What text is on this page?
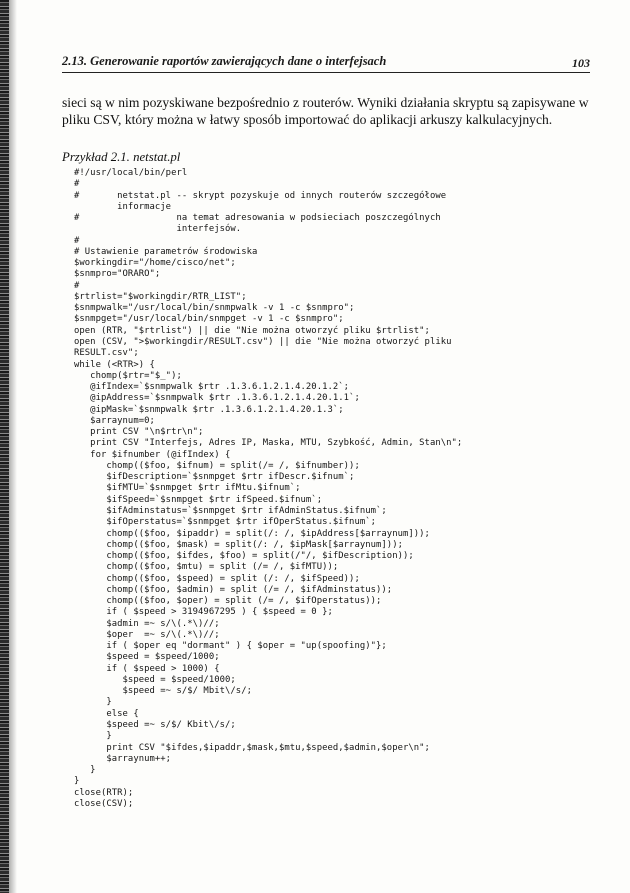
2.13. Generowanie raportów zawierających dane o interfejsach	103

sieci są w nim pozyskiwane bezpośrednio z routerów. Wyniki działania skryptu są zapisywane w pliku CSV, który można w łatwy sposób importować do aplikacji arkuszy kalkulacyjnych.

Przykład 2.1. netstat.pl

#!/usr/local/bin/perl
#
#       netstat.pl -- skrypt pozyskuje od innych routerów szczegółowe
informacje
#                  na temat adresowania w podsieciach poszczególnych
interfejsów.
#
# Ustawienie parametrów środowiska
$workingdir="/home/cisco/net";
$snmpro="ORARO";
#
$rtrlist="$workingdir/RTR_LIST";
$snmpwalk="/usr/local/bin/snmpwalk -v 1 -c $snmpro";
$snmpget="/usr/local/bin/snmpget -v 1 -c $snmpro";
open (RTR, "$rtrlist") || die "Nie można otworzyć pliku $rtrlist";
open (CSV, ">$workingdir/RESULT.csv") || die "Nie można otworzyć pliku
RESULT.csv";
while (<RTR>) {
chomp($rtr="$_");
@ifIndex=`$snmpwalk $rtr .1.3.6.1.2.1.4.20.1.2`;
@ipAddress=`$snmpwalk $rtr .1.3.6.1.2.1.4.20.1.1`;
@ipMask=`$snmpwalk $rtr .1.3.6.1.2.1.4.20.1.3`;
$arraynum=0;
print CSV "\n$rtr\n";
print CSV "Interfejs, Adres IP, Maska, MTU, Szybkość, Admin, Stan\n";
for $ifnumber (@ifIndex) {
chomp(($foo, $ifnum) = split(/= /, $ifnumber));
$ifDescription=`$snmpget $rtr ifDescr.$ifnum`;
$ifMTU=`$snmpget $rtr ifMtu.$ifnum`;
$ifSpeed=`$snmpget $rtr ifSpeed.$ifnum`;
$ifAdminstatus=`$snmpget $rtr ifAdminStatus.$ifnum`;
$ifOperstatus=`$snmpget $rtr ifOperStatus.$ifnum`;
chomp(($foo, $ipaddr) = split(/: /, $ipAddress[$arraynum]));
chomp(($foo, $mask) = split(/: /, $ipMask[$arraynum]));
chomp(($foo, $ifdes, $foo) = split(/"/, $ifDescription));
chomp(($foo, $mtu) = split (/= /, $ifMTU));
chomp(($foo, $speed) = split (/: /, $ifSpeed));
chomp(($foo, $admin) = split (/= /, $ifAdminstatus));
chomp(($foo, $oper) = split (/= /, $ifOperstatus));
if ( $speed > 3194967295 ) { $speed = 0 };
$admin =~ s/\(.*\)//;
$oper  =~ s/\(.*\)//;
if ( $oper eq "dormant" ) { $oper = "up(spoofing)"};
$speed = $speed/1000;
if ( $speed > 1000) {
$speed = $speed/1000;
$speed =~ s/$/ Mbit\/s/;
}
else {
$speed =~ s/$/ Kbit\/s/;
}
print CSV "$ifdes,$ipaddr,$mask,$mtu,$speed,$admin,$oper\n";
$arraynum++;
}
}
close(RTR);
close(CSV);
